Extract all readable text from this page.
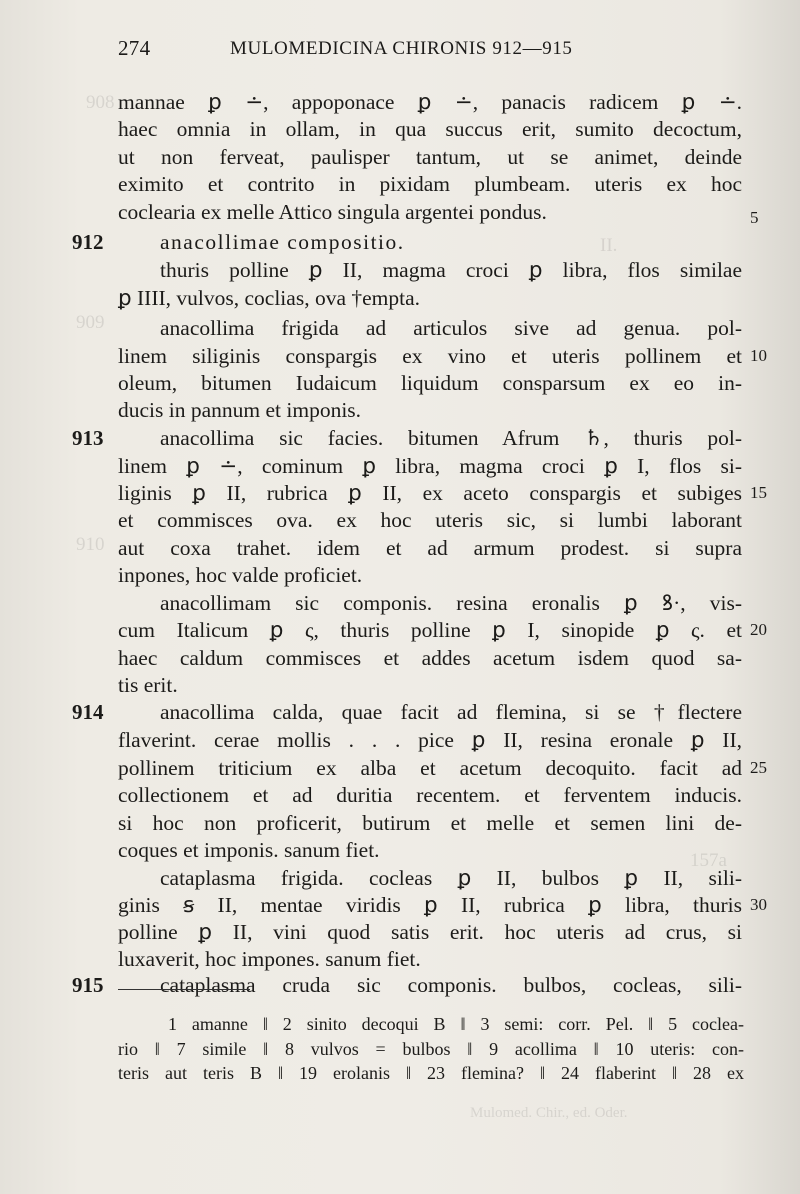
908
II.
909
910
157a
274	MULOMEDICINA CHIRONIS 912—915
912
913
914
915
5
10
15
20
25
30
mannae ꝑ ∸, appoponace ꝑ ∸, panacis radicem ꝑ ∸.
haec omnia in ollam, in qua succus erit, sumito decoctum,
ut non ferveat, paulisper tantum, ut se animet, deinde
eximito et contrito in pixidam plumbeam. uteris ex hoc
coclearia ex melle Attico singula argentei pondus.
anacollimae compositio.
thuris polline ꝑ II, magma croci ꝑ libra, flos similae
ꝑ IIII, vulvos, coclias, ova †empta.
anacollima frigida ad articulos sive ad genua. pol-
linem siliginis conspargis ex vino et uteris pollinem et
oleum, bitumen Iudaicum liquidum consparsum ex eo in-
ducis in pannum et imponis.
anacollima sic facies. bitumen Afrum ♄, thuris pol-
linem ꝑ ∸, cominum ꝑ libra, magma croci ꝑ I, flos si-
liginis ꝑ II, rubrica ꝑ II, ex aceto conspargis et subiges
et commisces ova. ex hoc uteris sic, si lumbi laborant
aut coxa trahet. idem et ad armum prodest. si supra
inpones, hoc valde proficiet.
anacollimam sic componis. resina eronalis ꝑ ꝸ·, vis-
cum Italicum ꝑ ς, thuris polline ꝑ I, sinopide ꝑ ς. et
haec caldum commisces et addes acetum isdem quod sa-
tis erit.
anacollima calda, quae facit ad flemina, si se †flectere
flaverint. cerae mollis . . . pice ꝑ II, resina eronale ꝑ II,
pollinem triticium ex alba et acetum decoquito. facit ad
collectionem et ad duritia recentem. et ferventem inducis.
si hoc non proficerit, butirum et melle et semen lini de-
coques et imponis. sanum fiet.
cataplasma frigida. cocleas ꝑ II, bulbos ꝑ II, sili-
ginis ꞩ II, mentae viridis ꝑ II, rubrica ꝑ libra, thuris
polline ꝑ II, vini quod satis erit. hoc uteris ad crus, si
luxaverit, hoc impones. sanum fiet.
cataplasma cruda sic componis. bulbos, cocleas, sili-
1 amanne ‖ 2 sinito decoqui B ‖ 3 semi: corr. Pel. ‖ 5 coclea-
rio ‖ 7 simile ‖ 8 vulvos = bulbos ‖ 9 acollima ‖ 10 uteris: con-
teris aut teris B ‖ 19 erolanis ‖ 23 flemina? ‖ 24 flaberint ‖ 28 ex
Mulomed. Chir., ed. Oder.
